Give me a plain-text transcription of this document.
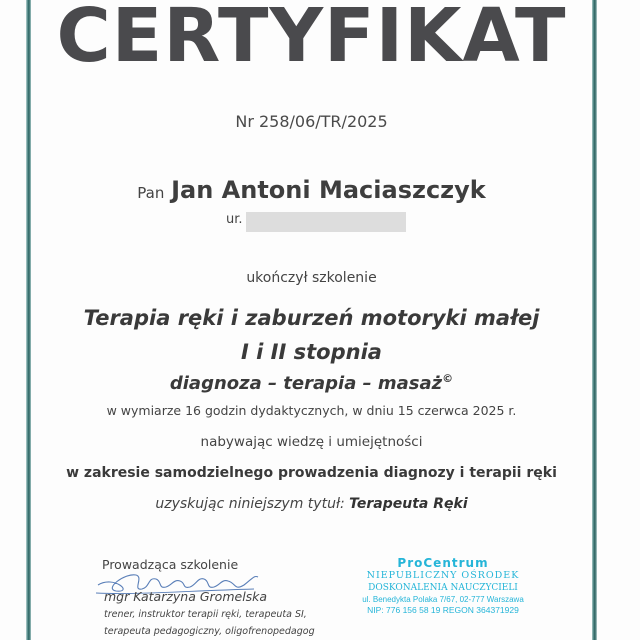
CERTYFIKAT
Nr 258/06/TR/2025
Pan Jan Antoni Maciaszczyk
ur.
ukończył szkolenie
Terapia ręki i zaburzeń motoryki małej
I i II stopnia
diagnoza – terapia – masaż©
w wymiarze 16 godzin dydaktycznych, w dniu 15 czerwca 2025 r.
nabywając wiedzę i umiejętności
w zakresie samodzielnego prowadzenia diagnozy i terapii ręki
uzyskując niniejszym tytuł: Terapeuta Ręki
Prowadząca szkolenie
mgr Katarzyna Gromelska
trener, instruktor terapii ręki, terapeuta SI,
terapeuta pedagogiczny, oligofrenopedagog
ProCentrum
NIEPUBLICZNY OŚRODEK
DOSKONALENIA NAUCZYCIELI
ul. Benedykta Polaka 7/67, 02-777 Warszawa
NIP: 776 156 58 19 REGON 364371929
